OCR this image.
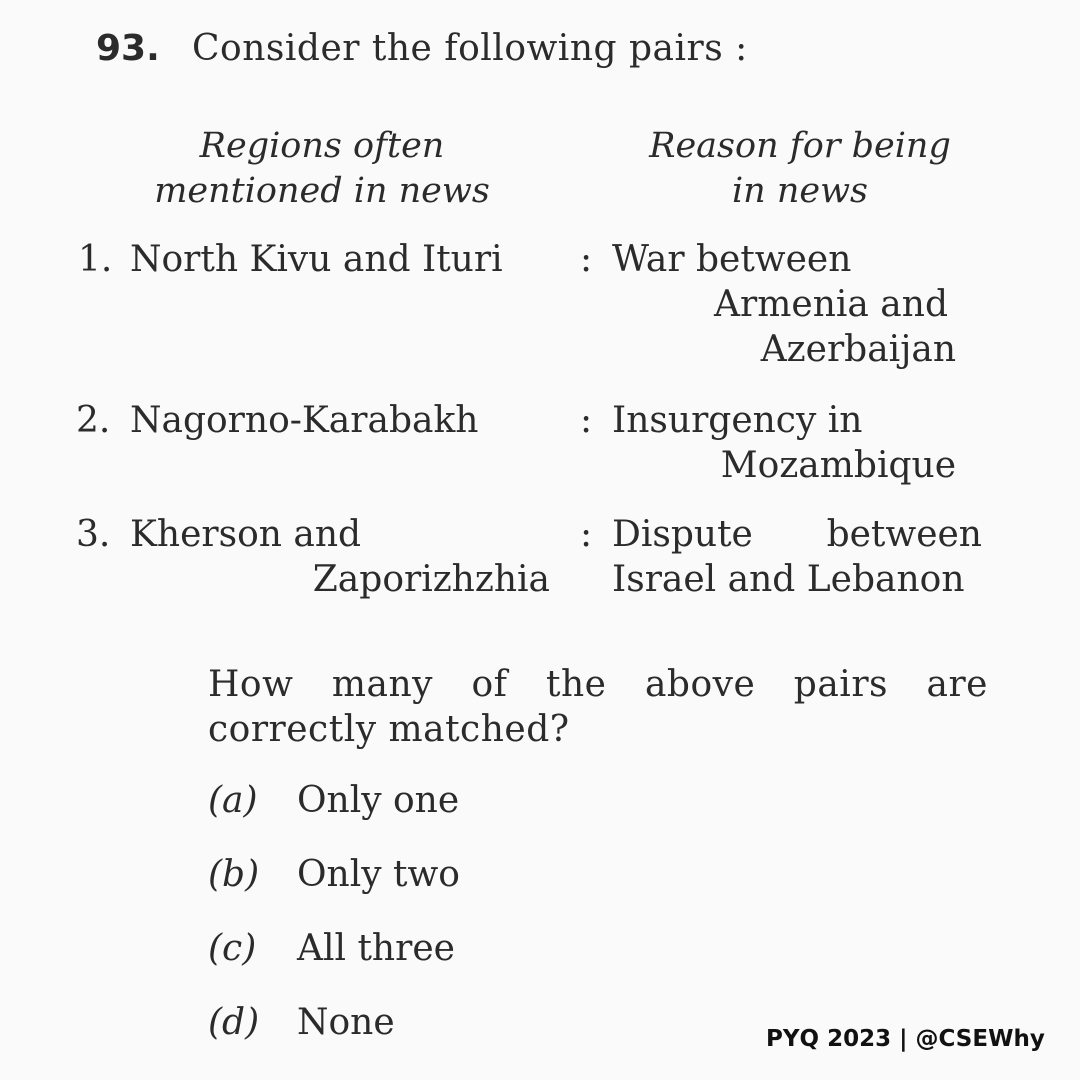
93. Consider the following pairs :
Regions often
mentioned in news
Reason for being
in news
1. North Kivu and Ituri : War between
Armenia and
Azerbaijan
2. Nagorno-Karabakh	: Insurgency in
Mozambique
3. Kherson and
Zaporizhzhia
: Dispute between
Israel and Lebanon
How many of the above pairs are
correctly matched?
(a) Only one
(b) Only two
(c) All three
(d) None	PYQ 2023 | @CSEWhy
